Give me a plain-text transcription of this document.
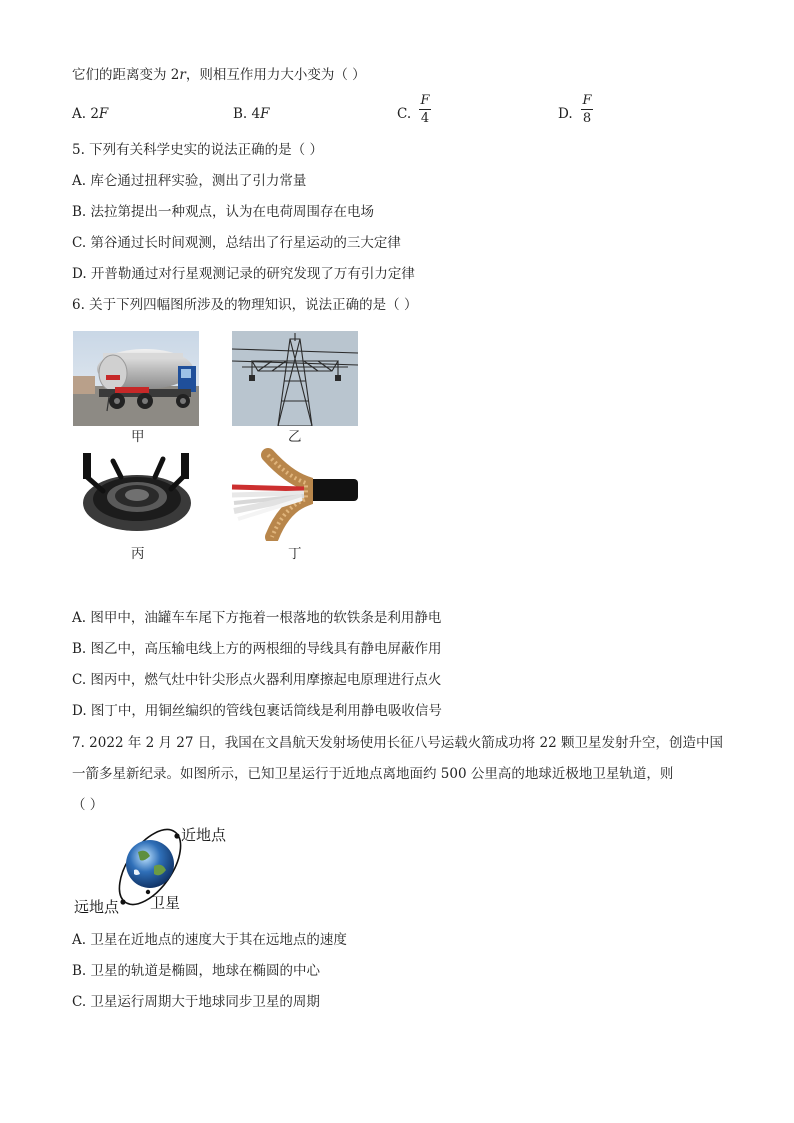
它们的距离变为 2r，则相互作用力大小变为（ ）
A. 2F	B. 4F	C.
F
4	D.
F
8
5. 下列有关科学史实的说法正确的是（ ）
A. 库仑通过扭秤实验，测出了引力常量
B. 法拉第提出一种观点，认为在电荷周围存在电场
C. 第谷通过长时间观测，总结出了行星运动的三大定律
D. 开普勒通过对行星观测记录的研究发现了万有引力定律
6. 关于下列四幅图所涉及的物理知识，说法正确的是（ ）
甲	乙
丙	丁
A. 图甲中，油罐车车尾下方拖着一根落地的软铁条是利用静电
B. 图乙中，高压输电线上方的两根细的导线具有静电屏蔽作用
C. 图丙中，燃气灶中针尖形点火器利用摩擦起电原理进行点火
D. 图丁中，用铜丝编织的管线包裹话筒线是利用静电吸收信号
7. 2022 年 2 月 27 日，我国在文昌航天发射场使用长征八号运载火箭成功将 22 颗卫星发射升空，创造中国
一箭多星新纪录。如图所示，已知卫星运行于近地点离地面约 500 公里高的地球近极地卫星轨道，则
（ ）
近地点
远地点 卫星
A. 卫星在近地点的速度大于其在远地点的速度
B. 卫星的轨道是椭圆，地球在椭圆的中心
C. 卫星运行周期大于地球同步卫星的周期
